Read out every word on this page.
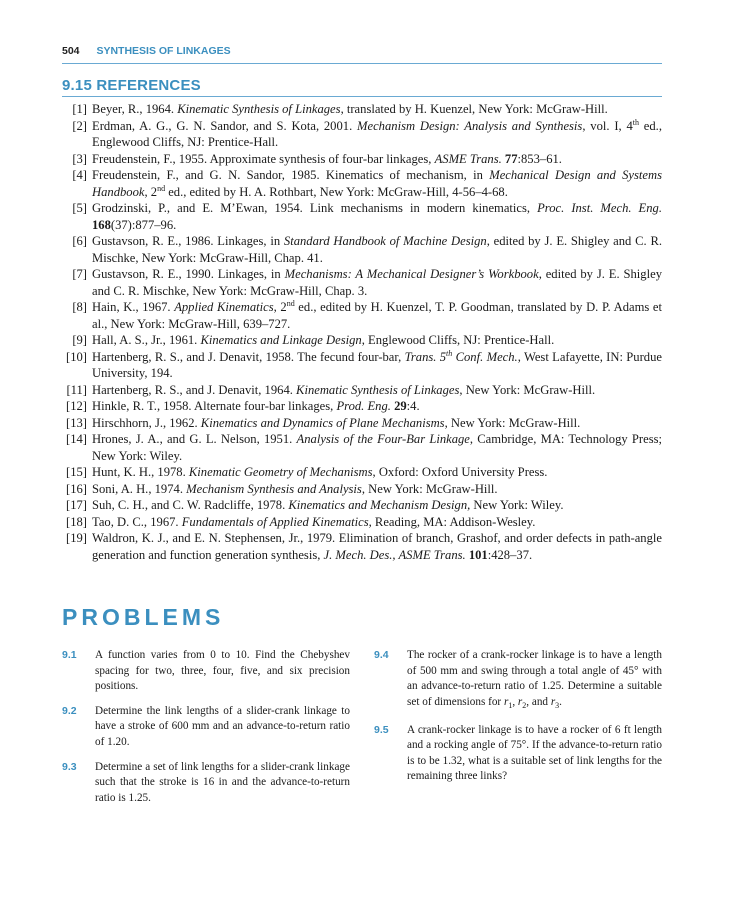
504 SYNTHESIS OF LINKAGES
9.15 REFERENCES
[1] Beyer, R., 1964. Kinematic Synthesis of Linkages, translated by H. Kuenzel, New York: McGraw-Hill.
[2] Erdman, A. G., G. N. Sandor, and S. Kota, 2001. Mechanism Design: Analysis and Synthesis, vol. I, 4th ed., Englewood Cliffs, NJ: Prentice-Hall.
[3] Freudenstein, F., 1955. Approximate synthesis of four-bar linkages, ASME Trans. 77:853–61.
[4] Freudenstein, F., and G. N. Sandor, 1985. Kinematics of mechanism, in Mechanical Design and Systems Handbook, 2nd ed., edited by H. A. Rothbart, New York: McGraw-Hill, 4-56–4-68.
[5] Grodzinski, P., and E. M’Ewan, 1954. Link mechanisms in modern kinematics, Proc. Inst. Mech. Eng. 168(37):877–96.
[6] Gustavson, R. E., 1986. Linkages, in Standard Handbook of Machine Design, edited by J. E. Shigley and C. R. Mischke, New York: McGraw-Hill, Chap. 41.
[7] Gustavson, R. E., 1990. Linkages, in Mechanisms: A Mechanical Designer’s Workbook, edited by J. E. Shigley and C. R. Mischke, New York: McGraw-Hill, Chap. 3.
[8] Hain, K., 1967. Applied Kinematics, 2nd ed., edited by H. Kuenzel, T. P. Goodman, translated by D. P. Adams et al., New York: McGraw-Hill, 639–727.
[9] Hall, A. S., Jr., 1961. Kinematics and Linkage Design, Englewood Cliffs, NJ: Prentice-Hall.
[10] Hartenberg, R. S., and J. Denavit, 1958. The fecund four-bar, Trans. 5th Conf. Mech., West Lafayette, IN: Purdue University, 194.
[11] Hartenberg, R. S., and J. Denavit, 1964. Kinematic Synthesis of Linkages, New York: McGraw-Hill.
[12] Hinkle, R. T., 1958. Alternate four-bar linkages, Prod. Eng. 29:4.
[13] Hirschhorn, J., 1962. Kinematics and Dynamics of Plane Mechanisms, New York: McGraw-Hill.
[14] Hrones, J. A., and G. L. Nelson, 1951. Analysis of the Four-Bar Linkage, Cambridge, MA: Technology Press; New York: Wiley.
[15] Hunt, K. H., 1978. Kinematic Geometry of Mechanisms, Oxford: Oxford University Press.
[16] Soni, A. H., 1974. Mechanism Synthesis and Analysis, New York: McGraw-Hill.
[17] Suh, C. H., and C. W. Radcliffe, 1978. Kinematics and Mechanism Design, New York: Wiley.
[18] Tao, D. C., 1967. Fundamentals of Applied Kinematics, Reading, MA: Addison-Wesley.
[19] Waldron, K. J., and E. N. Stephensen, Jr., 1979. Elimination of branch, Grashof, and order defects in path-angle generation and function generation synthesis, J. Mech. Des., ASME Trans. 101:428–37.
PROBLEMS
9.1 A function varies from 0 to 10. Find the Chebyshev spacing for two, three, four, five, and six precision positions.
9.2 Determine the link lengths of a slider-crank linkage to have a stroke of 600 mm and an advance-to-return ratio of 1.20.
9.3 Determine a set of link lengths for a slider-crank linkage such that the stroke is 16 in and the advance-to-return ratio is 1.25.
9.4 The rocker of a crank-rocker linkage is to have a length of 500 mm and swing through a total angle of 45° with an advance-to-return ratio of 1.25. Determine a suitable set of dimensions for $r_1$, $r_2$, and $r_3$.
9.5 A crank-rocker linkage is to have a rocker of 6 ft length and a rocking angle of 75°. If the advance-to-return ratio is to be 1.32, what is a suitable set of link lengths for the remaining three links?
